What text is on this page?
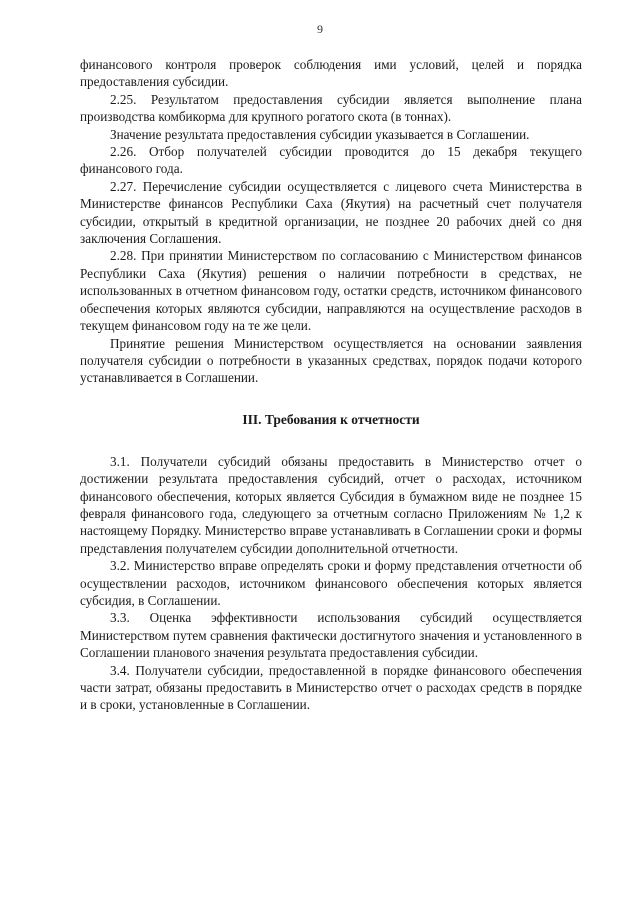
9

финансового контроля проверок соблюдения ими условий, целей и порядка предоставления субсидии.

2.25. Результатом предоставления субсидии является выполнение плана производства комбикорма для крупного рогатого скота (в тоннах).

Значение результата предоставления субсидии указывается в Соглашении.

2.26. Отбор получателей субсидии проводится до 15 декабря текущего финансового года.

2.27. Перечисление субсидии осуществляется с лицевого счета Министерства в Министерстве финансов Республики Саха (Якутия) на расчетный счет получателя субсидии, открытый в кредитной организации, не позднее 20 рабочих дней со дня заключения Соглашения.

2.28. При принятии Министерством по согласованию с Министерством финансов Республики Саха (Якутия) решения о наличии потребности в средствах, не использованных в отчетном финансовом году, остатки средств, источником финансового обеспечения которых являются субсидии, направляются на осуществление расходов в текущем финансовом году на те же цели.

Принятие решения Министерством осуществляется на основании заявления получателя субсидии о потребности в указанных средствах, порядок подачи которого устанавливается в Соглашении.

III. Требования к отчетности

3.1. Получатели субсидий обязаны предоставить в Министерство отчет о достижении результата предоставления субсидий, отчет о расходах, источником финансового обеспечения, которых является Субсидия в бумажном виде не позднее 15 февраля финансового года, следующего за отчетным согласно Приложениям № 1,2 к настоящему Порядку. Министерство вправе устанавливать в Соглашении сроки и формы представления получателем субсидии дополнительной отчетности.

3.2. Министерство вправе определять сроки и форму представления отчетности об осуществлении расходов, источником финансового обеспечения которых является субсидия, в Соглашении.

3.3. Оценка эффективности использования субсидий осуществляется Министерством путем сравнения фактически достигнутого значения и установленного в Соглашении планового значения результата предоставления субсидии.

3.4. Получатели субсидии, предоставленной в порядке финансового обеспечения части затрат, обязаны предоставить в Министерство отчет о расходах средств в порядке и в сроки, установленные в Соглашении.
